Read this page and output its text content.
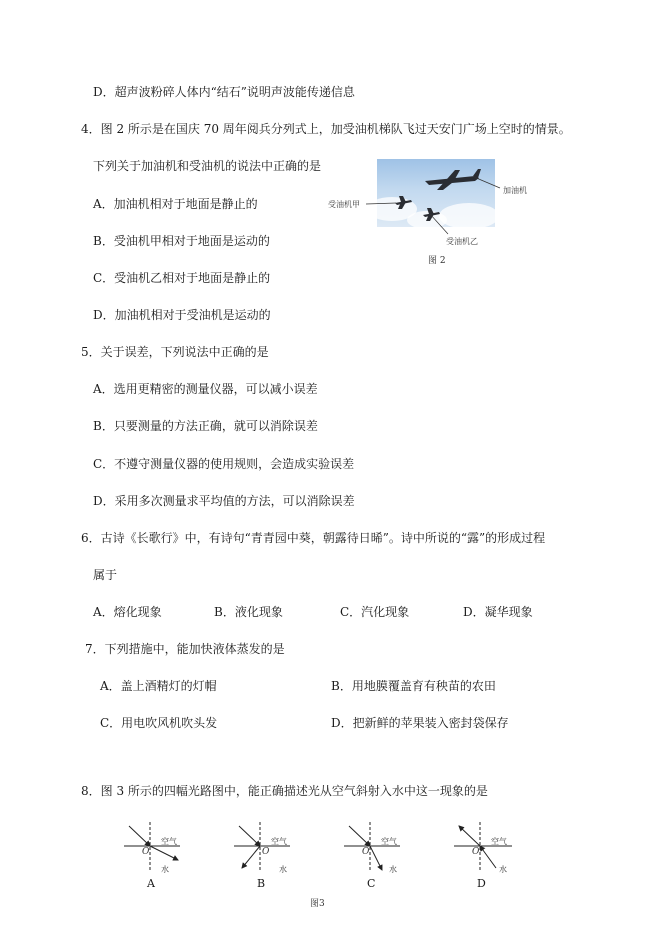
D．超声波粉碎人体内“结石”说明声波能传递信息
4．图 2 所示是在国庆 70 周年阅兵分列式上，加受油机梯队飞过天安门广场上空时的情景。
下列关于加油机和受油机的说法中正确的是
A．加油机相对于地面是静止的
B．受油机甲相对于地面是运动的
C．受油机乙相对于地面是静止的
D．加油机相对于受油机是运动的
加油机
受油机甲
受油机乙
图 2
5．关于误差，下列说法中正确的是
A．选用更精密的测量仪器，可以减小误差
B．只要测量的方法正确，就可以消除误差
C．不遵守测量仪器的使用规则，会造成实验误差
D．采用多次测量求平均值的方法，可以消除误差
6．古诗《长歌行》中，有诗句“青青园中葵，朝露待日晞”。诗中所说的“露”的形成过程
属于
A．熔化现象	B．液化现象	C．汽化现象	D．凝华现象
7．下列措施中，能加快液体蒸发的是
A．盖上酒精灯的灯帽	B．用地膜覆盖育有秧苗的农田
C．用电吹风机吹头发	D．把新鲜的苹果装入密封袋保存
8．图 3 所示的四幅光路图中，能正确描述光从空气斜射入水中这一现象的是
空气
水
O
A
空气
水
O
B
空气
水
O
C
空气
水
O
D
图3
